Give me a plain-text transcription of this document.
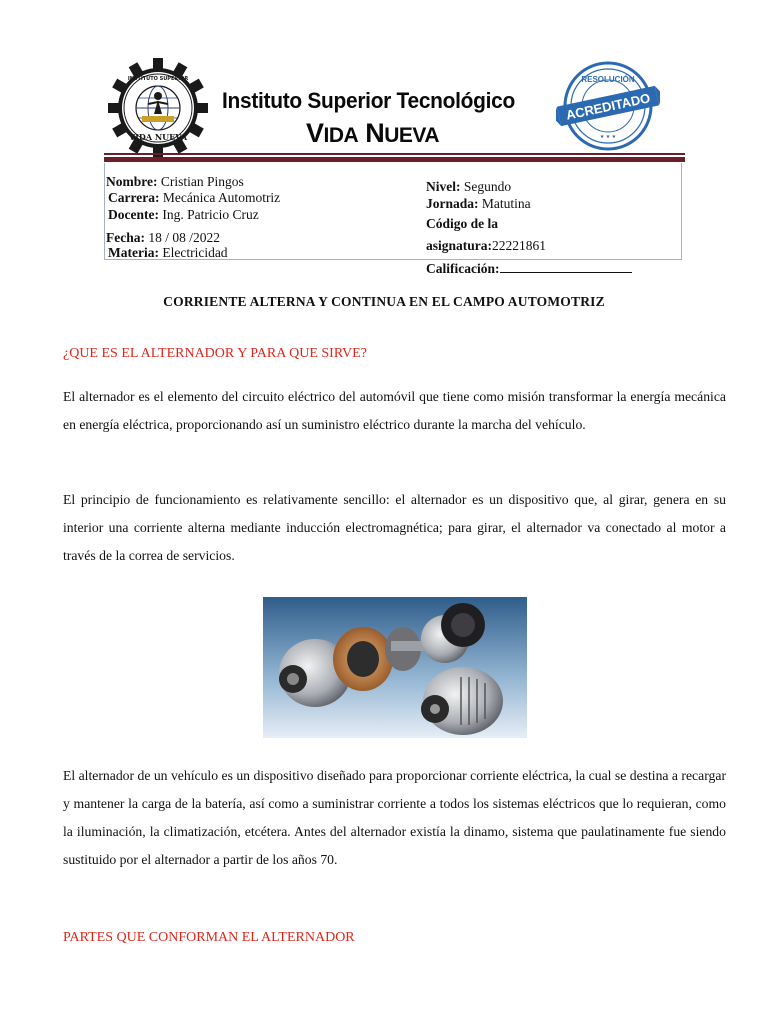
VIDA NUEVA
INSTITUTO SUPERIOR
Instituto Superior Tecnológico
VIDA NUEVA
RESOLUCIÓN
ACREDITADO
★ ★ ★
Nombre: Cristian Pingos
Carrera: Mecánica Automotriz
Docente: Ing. Patricio Cruz
Fecha: 18 / 08 /2022
Materia: Electricidad
Nivel: Segundo
Jornada: Matutina
Código de la
asignatura:22221861
Calificación:
CORRIENTE ALTERNA Y CONTINUA EN EL CAMPO AUTOMOTRIZ
¿QUE ES EL ALTERNADOR Y PARA QUE SIRVE?

El alternador es el elemento del circuito eléctrico del automóvil que tiene como misión transformar la energía mecánica en energía eléctrica, proporcionando así un suministro eléctrico durante la marcha del vehículo.

El principio de funcionamiento es relativamente sencillo: el alternador es un dispositivo que, al girar, genera en su interior una corriente alterna mediante inducción electromagnética; para girar, el alternador va conectado al motor a través de la correa de servicios.

El alternador de un vehículo es un dispositivo diseñado para proporcionar corriente eléctrica, la cual se destina a recargar y mantener la carga de la batería, así como a suministrar corriente a todos los sistemas eléctricos que lo requieran, como la iluminación, la climatización, etcétera. Antes del alternador existía la dinamo, sistema que paulatinamente fue siendo sustituido por el alternador a partir de los años 70.

PARTES QUE CONFORMAN EL ALTERNADOR
